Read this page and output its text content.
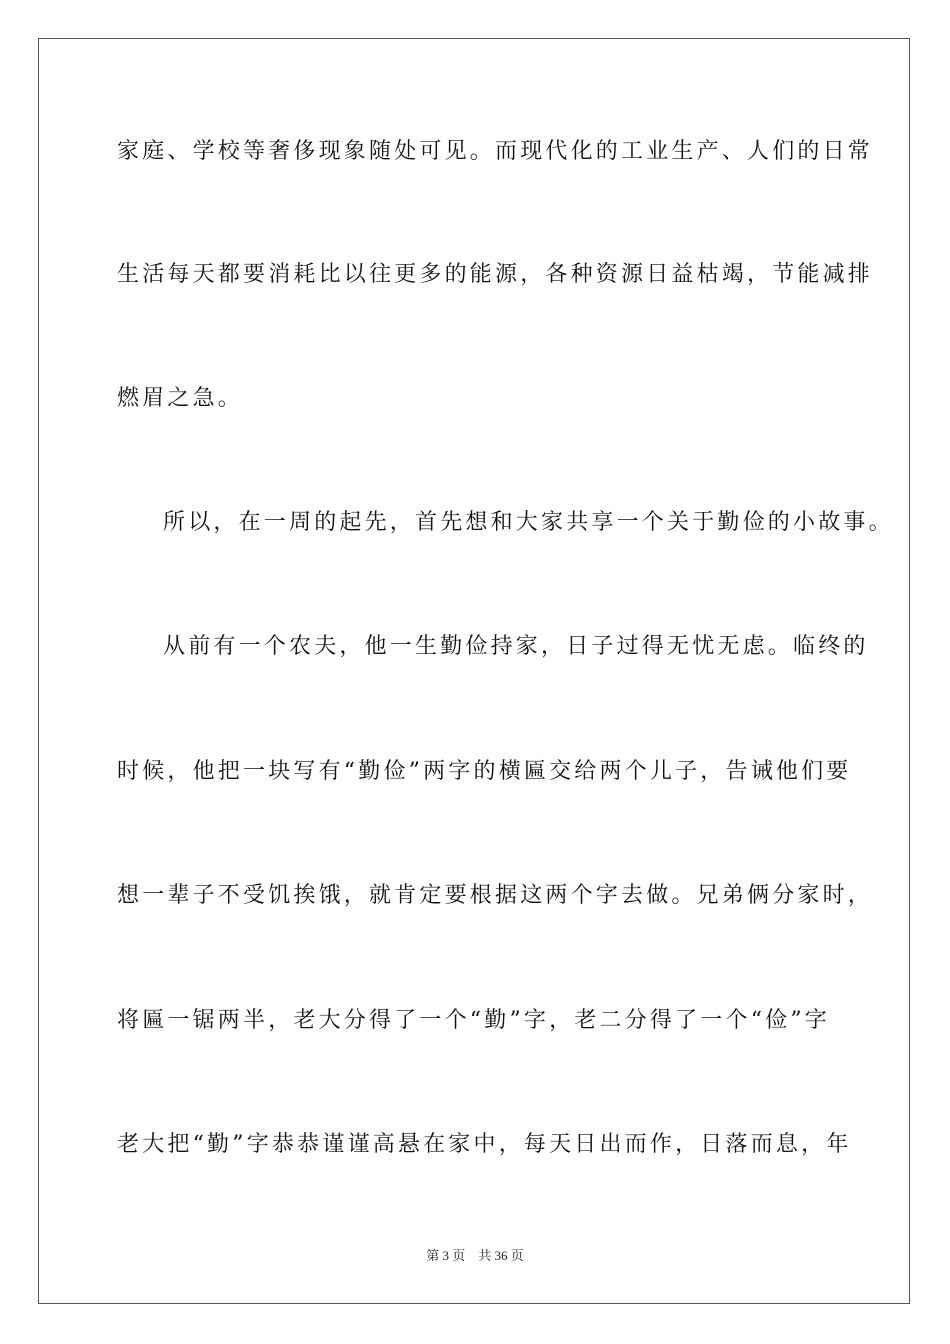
家庭、学校等奢侈现象随处可见。而现代化的工业生产、人们的日常
生活每天都要消耗比以往更多的能源，各种资源日益枯竭，节能减排
燃眉之急。
所以，在一周的起先，首先想和大家共享一个关于勤俭的小故事。
从前有一个农夫，他一生勤俭持家，日子过得无忧无虑。临终的
时候，他把一块写有“勤俭”两字的横匾交给两个儿子，告诫他们要
想一辈子不受饥挨饿，就肯定要根据这两个字去做。兄弟俩分家时，
将匾一锯两半，老大分得了一个“勤”字，老二分得了一个“俭”字
老大把“勤”字恭恭谨谨高悬在家中，每天日出而作，日落而息，年
第 3 页    共 36 页
